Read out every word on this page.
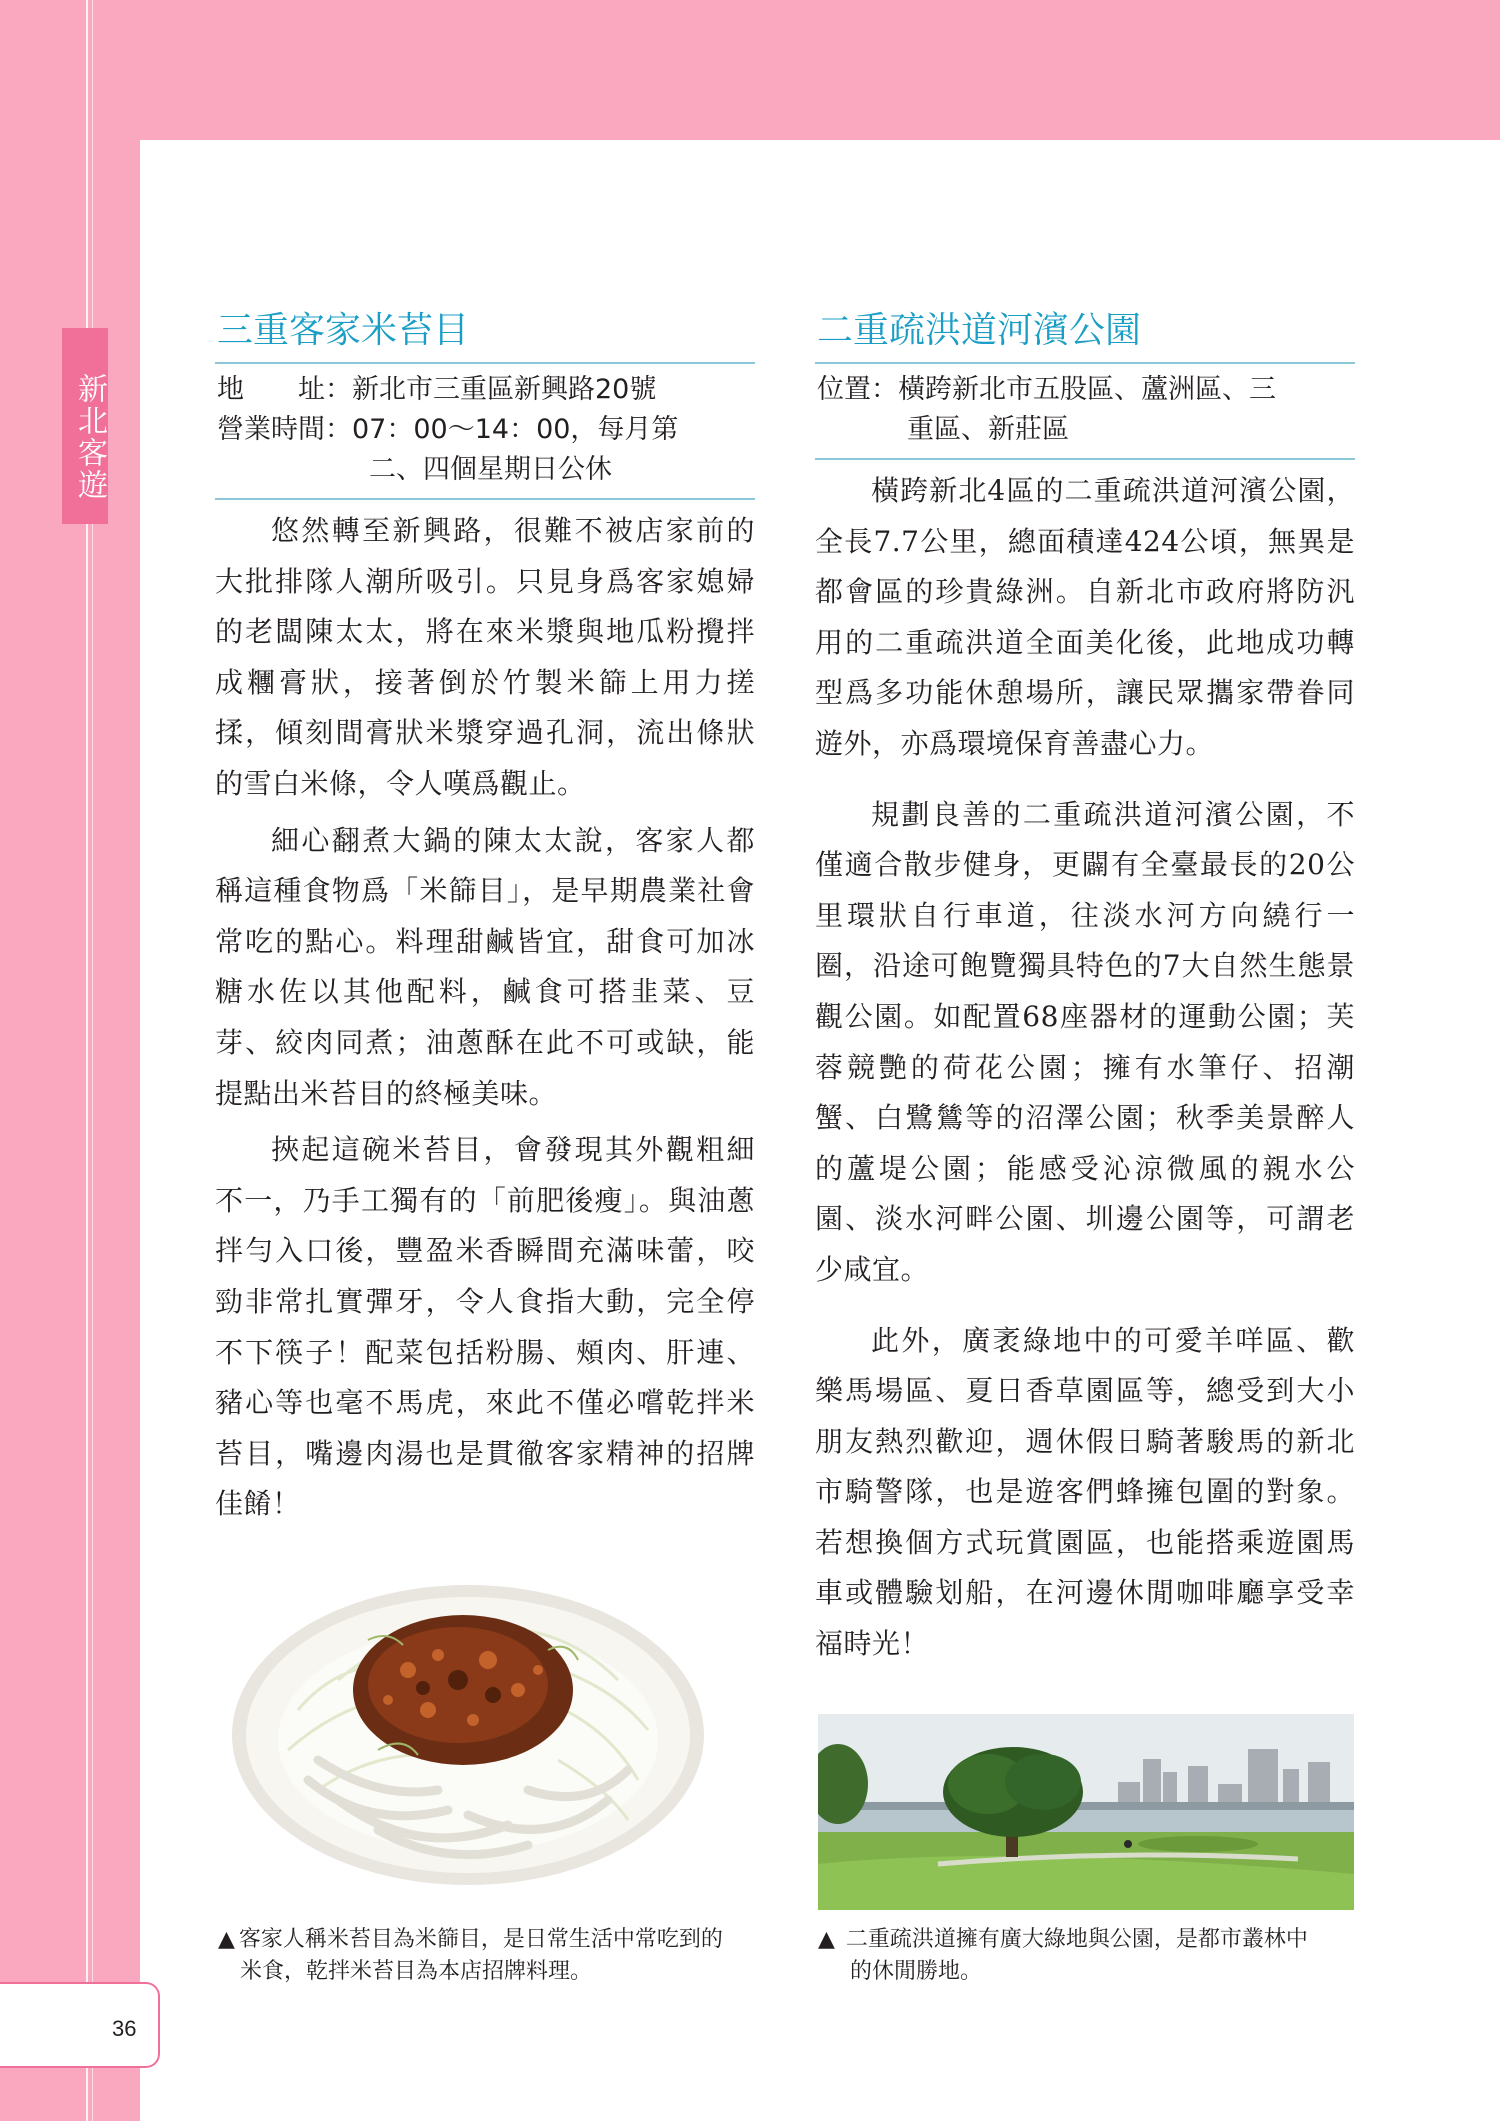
新北客遊
36
三重客家米苔目
地　　址： 新北市三重區新興路20號
營業時間： 07：00～14：00，每月第
二、四個星期日公休

悠然轉至新興路，很難不被店家前的大批排隊人潮所吸引。只見身爲客家媳婦的老闆陳太太，將在來米漿與地瓜粉攪拌成糰膏狀，接著倒於竹製米篩上用力搓揉，傾刻間膏狀米漿穿過孔洞，流出條狀的雪白米條，令人嘆爲觀止。

細心翻煮大鍋的陳太太說，客家人都稱這種食物爲「米篩目」，是早期農業社會常吃的點心。料理甜鹹皆宜，甜食可加冰糖水佐以其他配料，鹹食可搭韭菜、豆芽、絞肉同煮；油蔥酥在此不可或缺，能提點出米苔目的終極美味。

挾起這碗米苔目，會發現其外觀粗細不一，乃手工獨有的「前肥後瘦」。與油蔥拌勻入口後，豐盈米香瞬間充滿味蕾，咬勁非常扎實彈牙，令人食指大動，完全停不下筷子！配菜包括粉腸、頰肉、肝連、豬心等也毫不馬虎，來此不僅必嚐乾拌米苔目，嘴邊肉湯也是貫徹客家精神的招牌佳餚！

▲ 客家人稱米苔目為米篩目，是日常生活中常吃到的
米食，乾拌米苔目為本店招牌料理。
二重疏洪道河濱公園
位置： 橫跨新北市五股區、蘆洲區、三
重區、新莊區

橫跨新北4區的二重疏洪道河濱公園，全長7.7公里，總面積達424公頃，無異是都會區的珍貴綠洲。自新北市政府將防汎用的二重疏洪道全面美化後，此地成功轉型爲多功能休憩場所，讓民眾攜家帶眷同遊外，亦爲環境保育善盡心力。

規劃良善的二重疏洪道河濱公園，不僅適合散步健身，更闢有全臺最長的20公里環狀自行車道，往淡水河方向繞行一圈，沿途可飽覽獨具特色的7大自然生態景觀公園。如配置68座器材的運動公園；芙蓉競艷的荷花公園；擁有水筆仔、招潮蟹、白鷺鷥等的沼澤公園；秋季美景醉人的蘆堤公園；能感受沁涼微風的親水公園、淡水河畔公園、圳邊公園等，可謂老少咸宜。

此外，廣袤綠地中的可愛羊咩區、歡樂馬場區、夏日香草園區等，總受到大小朋友熱烈歡迎，週休假日騎著駿馬的新北市騎警隊，也是遊客們蜂擁包圍的對象。若想換個方式玩賞園區，也能搭乘遊園馬車或體驗划船，在河邊休閒咖啡廳享受幸福時光！

▲ 二重疏洪道擁有廣大綠地與公園，是都市叢林中
的休閒勝地。
